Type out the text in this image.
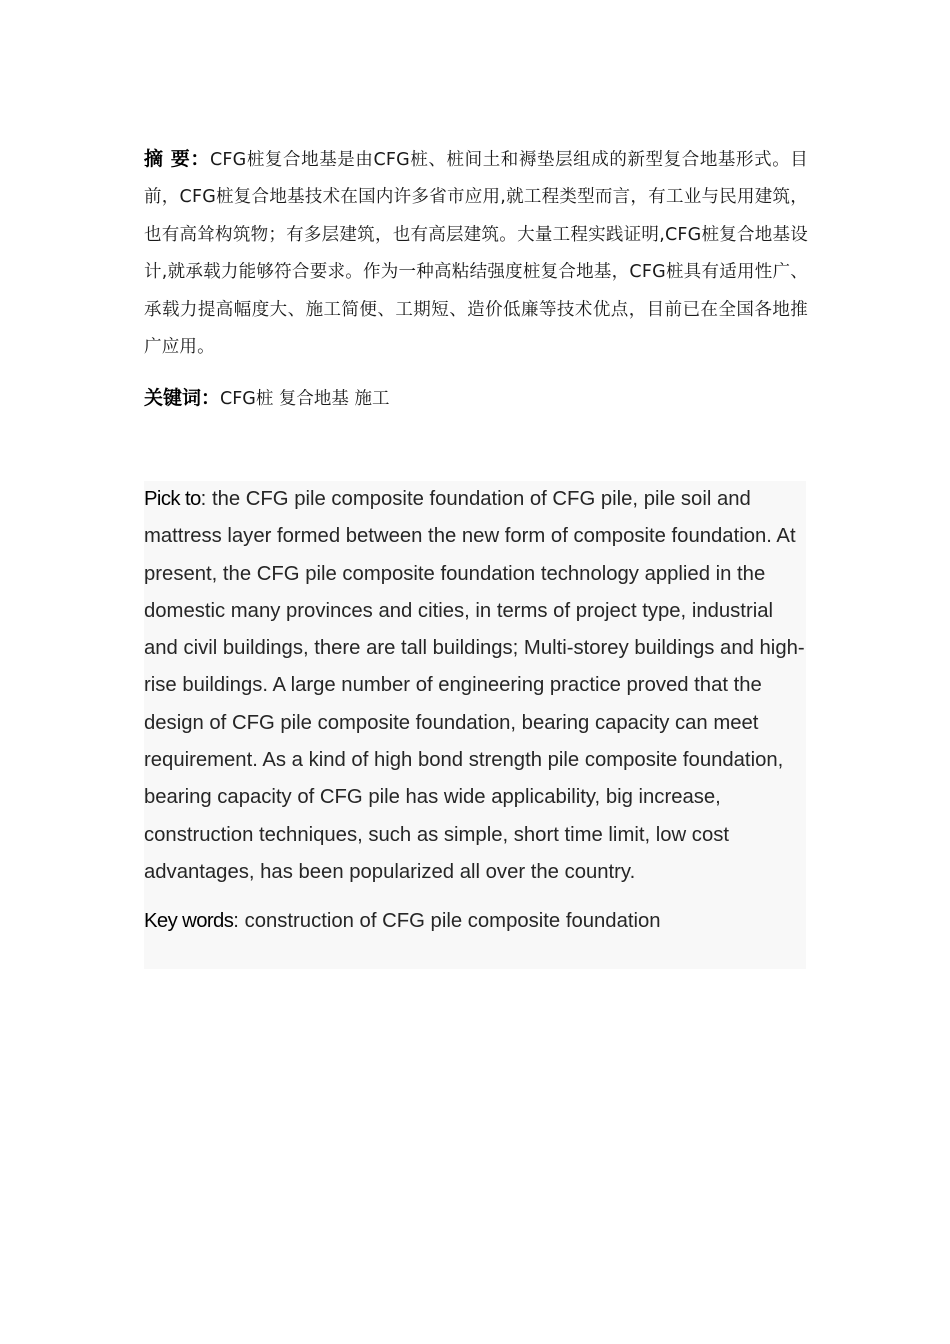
摘 要：CFG桩复合地基是由CFG桩、桩间土和褥垫层组成的新型复合地基形式。目前，CFG桩复合地基技术在国内许多省市应用,就工程类型而言，有工业与民用建筑，也有高耸构筑物；有多层建筑，也有高层建筑。大量工程实践证明,CFG桩复合地基设计,就承载力能够符合要求。作为一种高粘结强度桩复合地基，CFG桩具有适用性广、承载力提高幅度大、施工简便、工期短、造价低廉等技术优点，目前已在全国各地推广应用。

关键词：CFG桩 复合地基 施工

Pick to: the CFG pile composite foundation of CFG pile, pile soil and mattress layer formed between the new form of composite foundation. At present, the CFG pile composite foundation technology applied in the domestic many provinces and cities, in terms of project type, industrial and civil buildings, there are tall buildings; Multi-storey buildings and high-rise buildings. A large number of engineering practice proved that the design of CFG pile composite foundation, bearing capacity can meet requirement. As a kind of high bond strength pile composite foundation, bearing capacity of CFG pile has wide applicability, big increase, construction techniques, such as simple, short time limit, low cost advantages, has been popularized all over the country.

Key words: construction of CFG pile composite foundation
